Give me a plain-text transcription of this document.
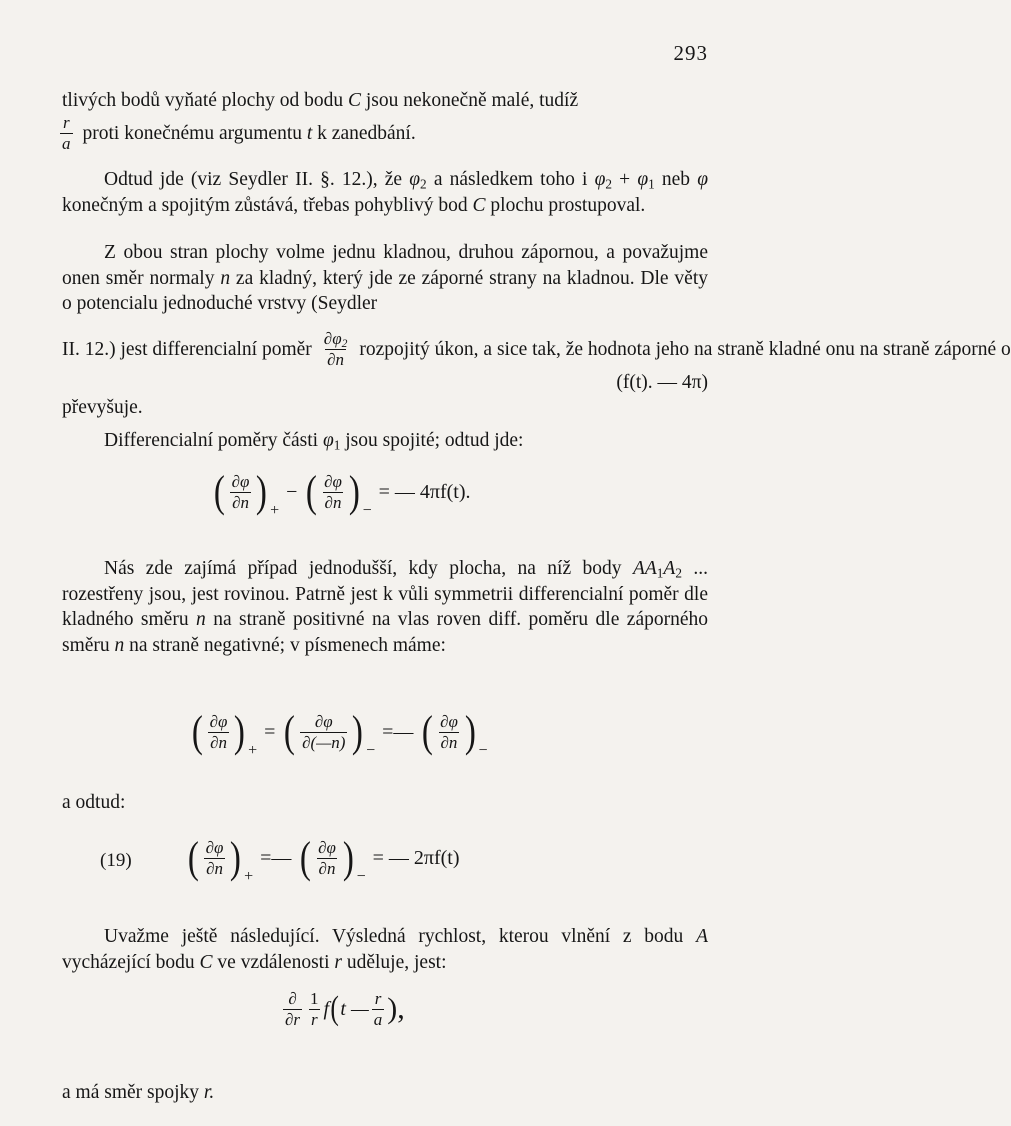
293
tlivých bodů vyňaté plochy od bodu C jsou nekonečně malé, tudíž
$\frac{r}{a}$ proti konečnému argumentu
t
k zanedbání.

Odtud jde (viz Seydler II. §. 12.), že $\varphi_2$ a následkem toho i $\varphi_2 + \varphi_1$ neb φ konečným a spojitým zůstává, třebas pohyblivý bod C plochu prostupoval.

Z obou stran plochy volme jednu kladnou, druhou zápornou, a považujme onen směr normaly n za kladný, který jde ze záporné strany na kladnou. Dle věty o potencialu jednoduché vrstvy (Seydler

II. 12.) jest differencialní poměr $\frac{\partial\varphi_2}{\partial n}$ rozpojitý úkon, a sice tak, že hodnota jeho na straně kladné onu na straně záporné o
(f(t). — 4π)
převyšuje.
Differencialní poměry části $\varphi_1$ jsou spojité; odtud jde:
( $\frac{\partial\varphi}{\partial n}$ ) +
− ( $\frac{\partial\varphi}{\partial n}$ ) −
= — 4πf(t).

Nás zde zajímá případ jednodušší, kdy plocha, na níž body $AA_1A_2$ ... rozestřeny jsou, jest rovinou. Patrně jest k vůli symmetrii differencialní poměr dle kladného směru n na straně positivné na vlas roven diff. poměru dle záporného směru n na straně negativné; v písmenech máme:

( $\frac{\partial\varphi}{\partial n}$ ) +
= ( $\frac{\partial\varphi}{\partial(—n)}$ ) −
=— ( $\frac{\partial\varphi}{\partial n}$ ) −
a odtud:
(19) ( $\frac{\partial\varphi}{\partial n}$ ) +
=— ( $\frac{\partial\varphi}{\partial n}$ ) −
= — 2πf(t)

Uvažme ještě následující. Výsledná rychlost, kterou vlnění z bodu A vycházející bodu C ve vzdálenosti r uděluje, jest:

$\frac{\partial}{\partial r} \frac{1}{r}$ f ( t — $\frac{r}{a}$ ),
a má směr spojky r.
